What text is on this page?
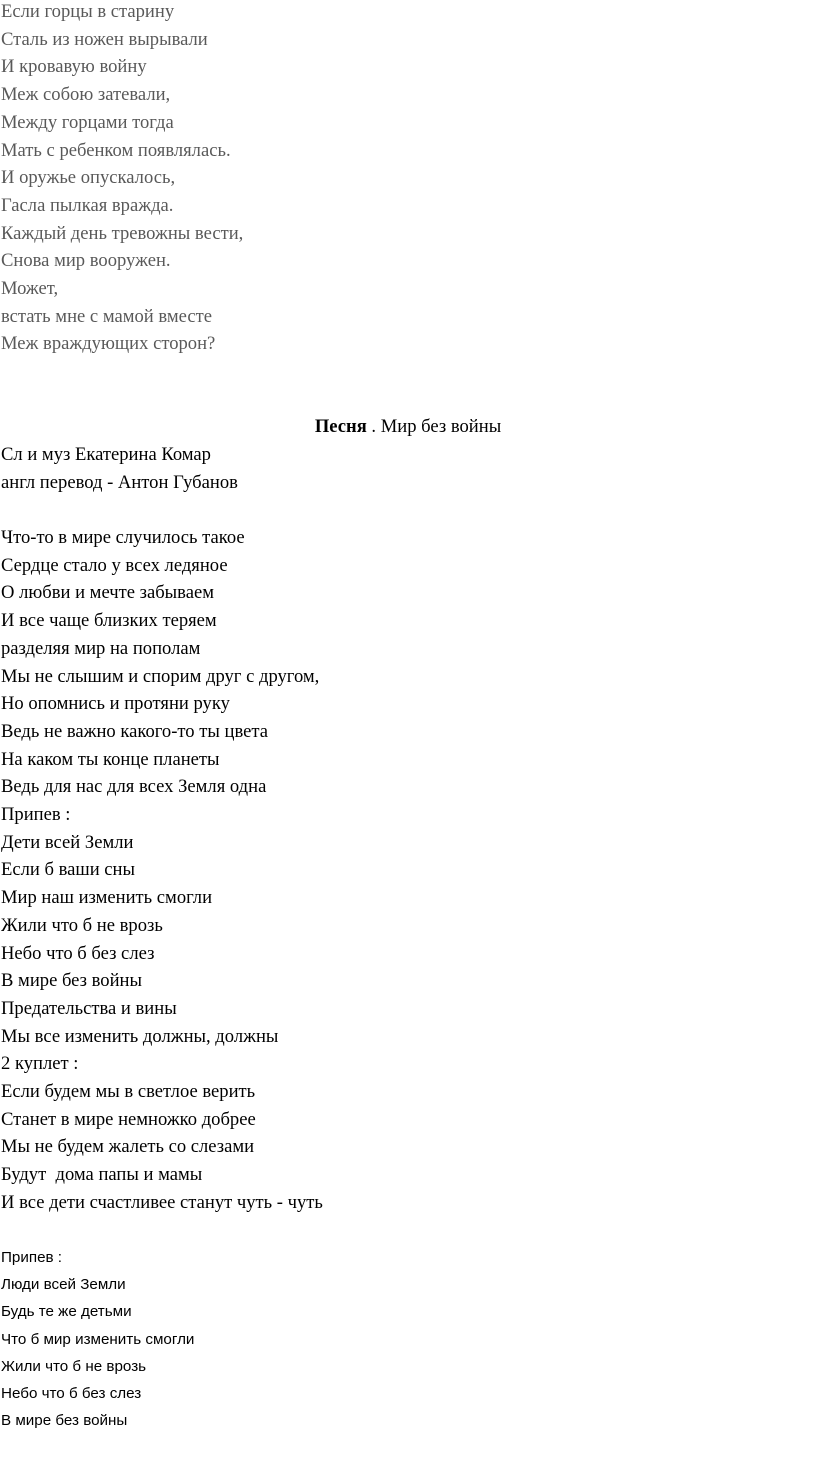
Если горцы в старину
Сталь из ножен вырывали
И кровавую войну
Меж собою затевали,
Между горцами тогда
Мать с ребенком появлялась.
И оружье опускалось,
Гасла пылкая вражда.
Каждый день тревожны вести,
Снова мир вооружен.
Может,
встать мне с мамой вместе
Меж враждующих сторон?
Песня . Мир без войны
Сл и муз Екатерина Комар
англ перевод - Антон Губанов
Что-то в мире случилось такое
Сердце стало у всех ледяное
О любви и мечте забываем
И все чаще близких теряем
разделяя мир на пополам
Мы не слышим и спорим друг с другом,
Но опомнись и протяни руку
Ведь не важно какого-то ты цвета
На каком ты конце планеты
Ведь для нас для всех Земля одна
Припев :
Дети всей Земли
Если б ваши сны
Мир наш изменить смогли
Жили что б не врозь
Небо что б без слез
В мире без войны
Предательства и вины
Мы все изменить должны, должны
2 куплет :
Если будем мы в светлое верить
Станет в мире немножко добрее
Мы не будем жалеть со слезами
Будут  дома папы и мамы
И все дети счастливее станут чуть - чуть
Припев :
Люди всей Земли
Будь те же детьми
Что б мир изменить смогли
Жили что б не врозь
Небо что б без слез
В мире без войны
